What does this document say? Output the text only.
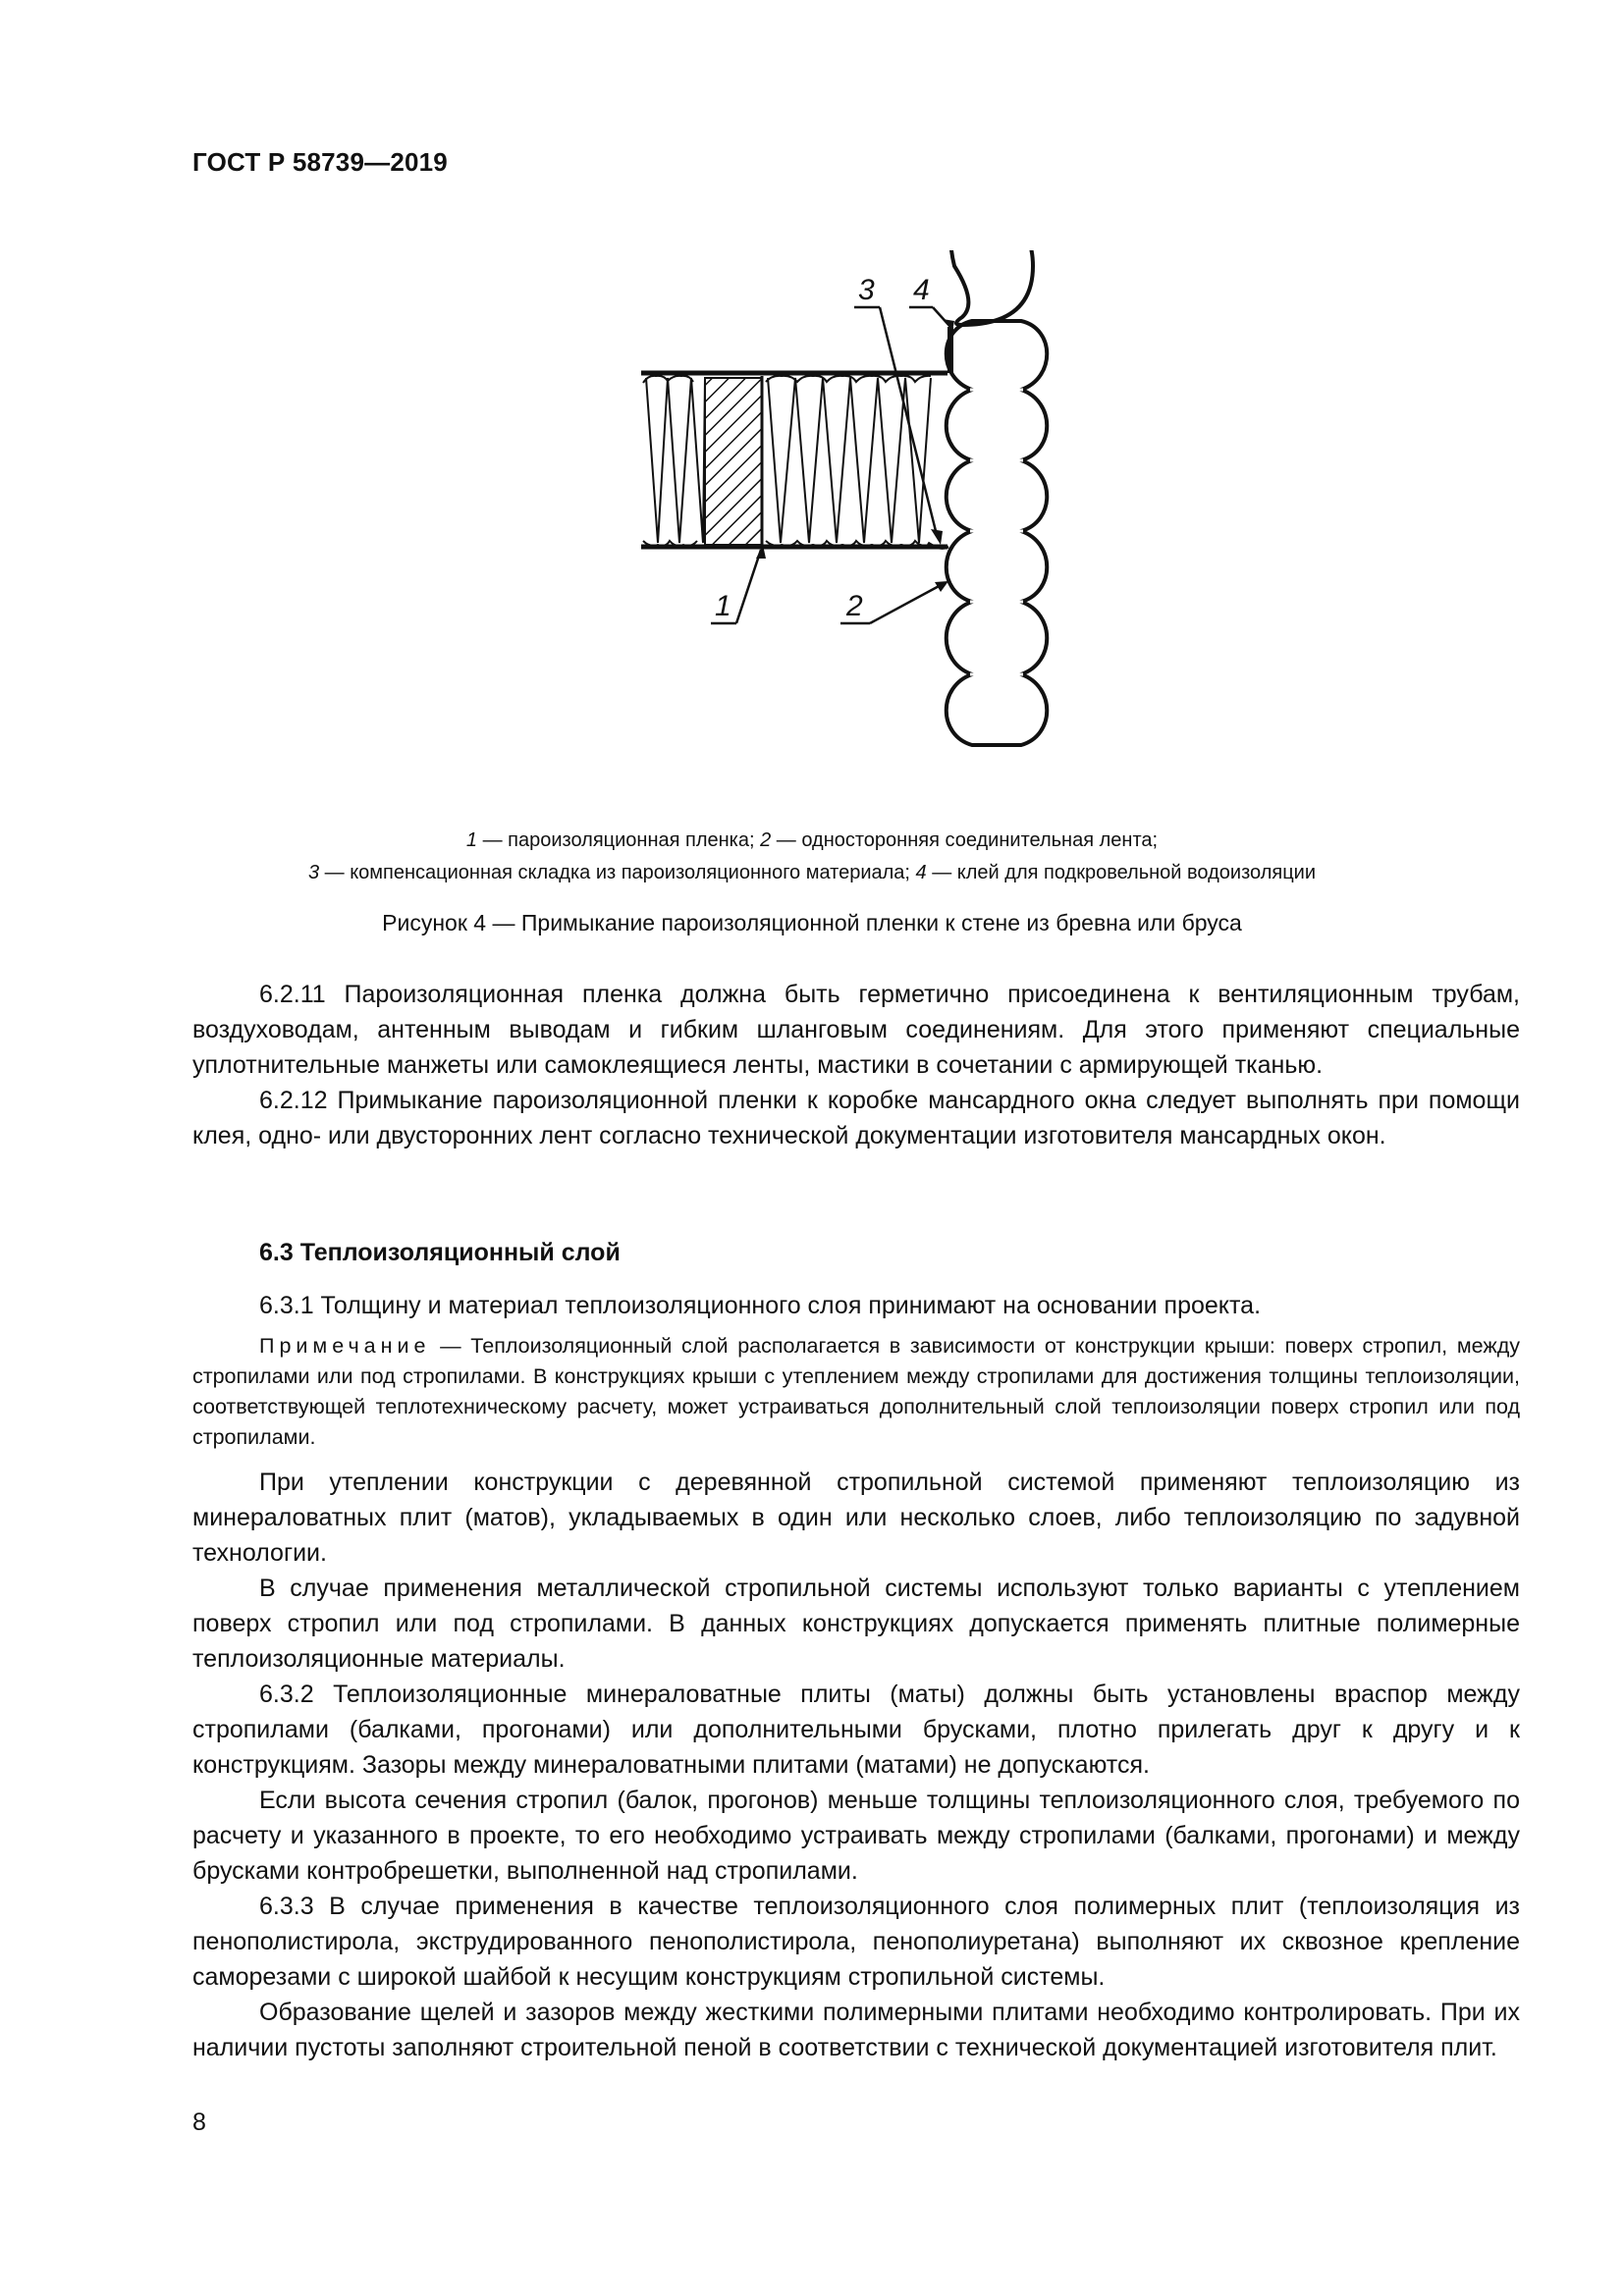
ГОСТ Р 58739—2019
3 4
1	2
1 — пароизоляционная пленка; 2 — односторонняя соединительная лента;
3 — компенсационная складка из пароизоляционного материала; 4 — клей для подкровельной водоизоляции
Рисунок 4 — Примыкание пароизоляционной пленки к стене из бревна или бруса

6.2.11 Пароизоляционная пленка должна быть герметично присоединена к вентиляционным трубам, воздуховодам, антенным выводам и гибким шланговым соединениям. Для этого применяют специальные уплотнительные манжеты или самоклеящиеся ленты, мастики в сочетании с армирующей тканью.

6.2.12 Примыкание пароизоляционной пленки к коробке мансардного окна следует выполнять при помощи клея, одно- или двусторонних лент согласно технической документации изготовителя мансардных окон.

6.3 Теплоизоляционный слой

6.3.1 Толщину и материал теплоизоляционного слоя принимают на основании проекта.

Примечание — Теплоизоляционный слой располагается в зависимости от конструкции крыши: поверх стропил, между стропилами или под стропилами. В конструкциях крыши с утеплением между стропилами для достижения толщины теплоизоляции, соответствующей теплотехническому расчету, может устраиваться дополнительный слой теплоизоляции поверх стропил или под стропилами.

При утеплении конструкции с деревянной стропильной системой применяют теплоизоляцию из минераловатных плит (матов), укладываемых в один или несколько слоев, либо теплоизоляцию по задувной технологии.

В случае применения металлической стропильной системы используют только варианты с утеплением поверх стропил или под стропилами. В данных конструкциях допускается применять плитные полимерные теплоизоляционные материалы.

6.3.2 Теплоизоляционные минераловатные плиты (маты) должны быть установлены враспор между стропилами (балками, прогонами) или дополнительными брусками, плотно прилегать друг к другу и к конструкциям. Зазоры между минераловатными плитами (матами) не допускаются.

Если высота сечения стропил (балок, прогонов) меньше толщины теплоизоляционного слоя, требуемого по расчету и указанного в проекте, то его необходимо устраивать между стропилами (балками, прогонами) и между брусками контробрешетки, выполненной над стропилами.

6.3.3 В случае применения в качестве теплоизоляционного слоя полимерных плит (теплоизоляция из пенополистирола, экструдированного пенополистирола, пенополиуретана) выполняют их сквозное крепление саморезами с широкой шайбой к несущим конструкциям стропильной системы.

Образование щелей и зазоров между жесткими полимерными плитами необходимо контролировать. При их наличии пустоты заполняют строительной пеной в соответствии с технической документацией изготовителя плит.

8
